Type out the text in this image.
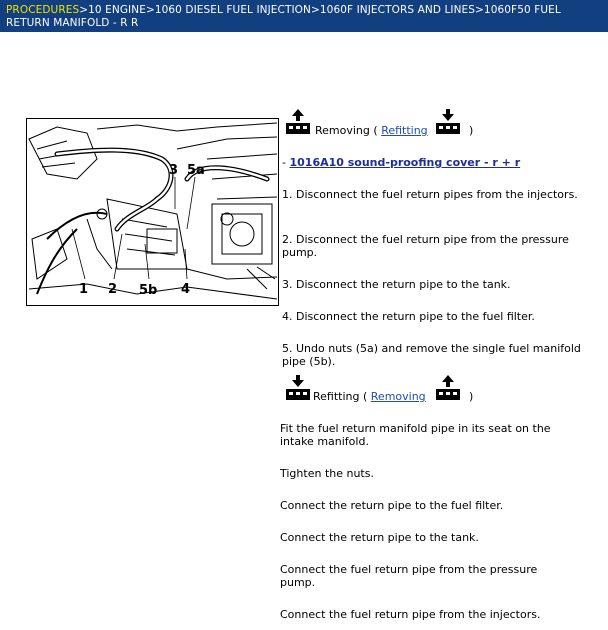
PROCEDURES>10 ENGINE>1060 DIESEL FUEL INJECTION>1060F INJECTORS AND LINES>1060F50 FUEL RETURN MANIFOLD - R R
1 2 5b
3 5a
4
Removing ( Refitting	)
- 1016A10 sound-proofing cover - r + r
1. Disconnect the fuel return pipes from the injectors.
2. Disconnect the fuel return pipe from the pressure pump.
3. Disconnect the return pipe to the tank.
4. Disconnect the return pipe to the fuel filter.
5. Undo nuts (5a) and remove the single fuel manifold pipe (5b).
Refitting ( Removing	)
Fit the fuel return manifold pipe in its seat on the intake manifold.
Tighten the nuts.
Connect the return pipe to the fuel filter.
Connect the return pipe to the tank.
Connect the fuel return pipe from the pressure pump.
Connect the fuel return pipe from the injectors.
